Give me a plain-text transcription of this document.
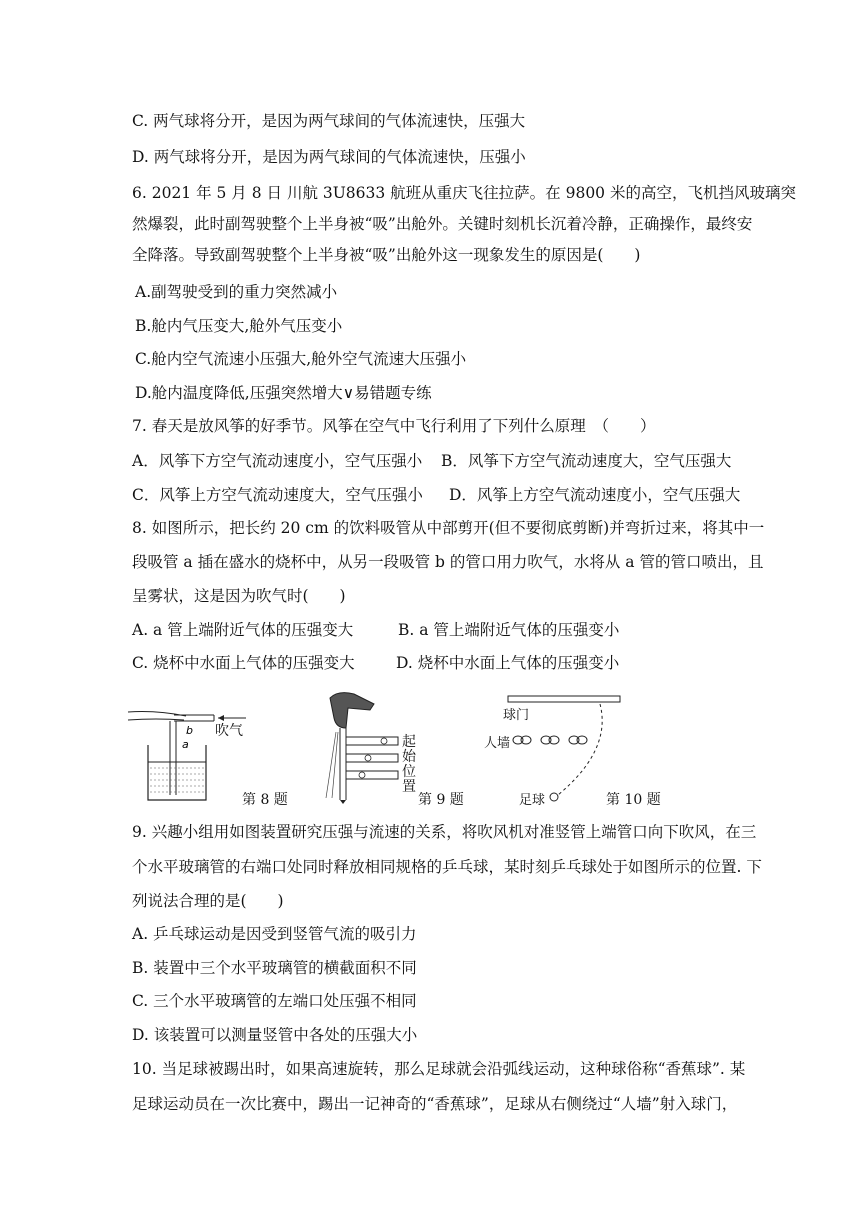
C. 两气球将分开，是因为两气球间的气体流速快，压强大
D. 两气球将分开，是因为两气球间的气体流速快，压强小
6. 2021 年 5 月 8 日 川航 3U8633 航班从重庆飞往拉萨。在 9800 米的高空，飞机挡风玻璃突
然爆裂，此时副驾驶整个上半身被“吸”出舱外。关键时刻机长沉着冷静，正确操作，最终安
全降落。导致副驾驶整个上半身被“吸”出舱外这一现象发生的原因是(　　)
A.副驾驶受到的重力突然减小
B.舱内气压变大,舱外气压变小
C.舱内空气流速小压强大,舱外空气流速大压强小
D.舱内温度降低,压强突然增大∨易错题专练
7. 春天是放风筝的好季节。风筝在空气中飞行利用了下列什么原理　（　　）
A．风筝下方空气流动速度小，空气压强小 B．风筝下方空气流动速度大，空气压强大
C．风筝上方空气流动速度大，空气压强小 D．风筝上方空气流动速度小，空气压强大
8. 如图所示，把长约 20 cm 的饮料吸管从中部剪开(但不要彻底剪断)并弯折过来，将其中一
段吸管 a 插在盛水的烧杯中，从另一段吸管 b 的管口用力吹气，水将从 a 管的管口喷出，且
呈雾状，这是因为吹气时(　　)
A. a 管上端附近气体的压强变大	B. a 管上端附近气体的压强变小
C. 烧杯中水面上气体的压强变大	D. 烧杯中水面上气体的压强变小
b
a
吹气
第 8 题
起
始
位
置
第 9 题
球门
人墙
足球	第 10 题
9. 兴趣小组用如图装置研究压强与流速的关系，将吹风机对准竖管上端管口向下吹风，在三
个水平玻璃管的右端口处同时释放相同规格的乒乓球，某时刻乒乓球处于如图所示的位置. 下
列说法合理的是(　　)
A. 乒乓球运动是因受到竖管气流的吸引力
B. 装置中三个水平玻璃管的横截面积不同
C. 三个水平玻璃管的左端口处压强不相同
D. 该装置可以测量竖管中各处的压强大小
10. 当足球被踢出时，如果高速旋转，那么足球就会沿弧线运动，这种球俗称“香蕉球”. 某
足球运动员在一次比赛中，踢出一记神奇的“香蕉球”，足球从右侧绕过“人墙”射入球门，
